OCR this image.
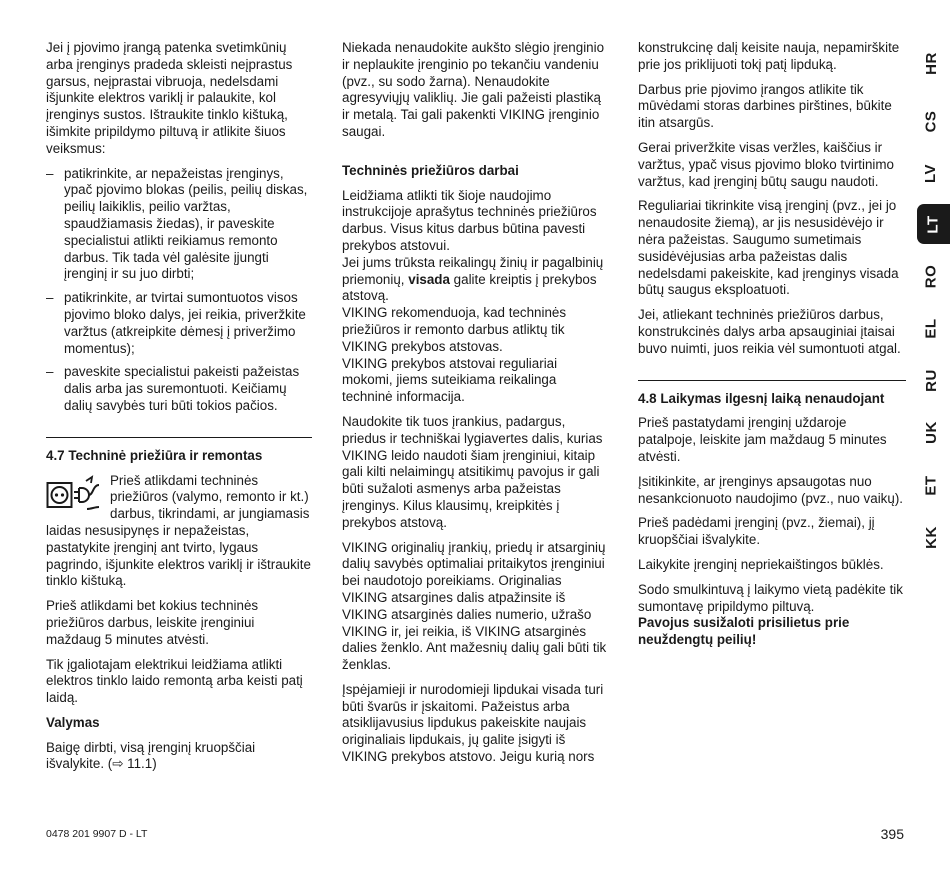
Jei į pjovimo įrangą patenka svetimkūnių arba įrenginys pradeda skleisti neįprastus garsus, neįprastai vibruoja, nedelsdami išjunkite elektros variklį ir palaukite, kol įrenginys sustos. Ištraukite tinklo kištuką, išimkite pripildymo piltuvą ir atlikite šiuos veiksmus:

– patikrinkite, ar nepažeistas įrenginys, ypač pjovimo blokas (peilis, peilių diskas, peilių laikiklis, peilio varžtas, spaudžiamasis žiedas), ir paveskite specialistui atlikti reikiamus remonto darbus. Tik tada vėl galėsite įjungti įrenginį ir su juo dirbti;
– patikrinkite, ar tvirtai sumontuotos visos pjovimo bloko dalys, jei reikia, priveržkite varžtus (atkreipkite dėmesį į priveržimo momentus);
– paveskite specialistui pakeisti pažeistas dalis arba jas suremontuoti. Keičiamų dalių savybės turi būti tokios pačios.

4.7 Techninė priežiūra ir remontas

Prieš atlikdami techninės priežiūros (valymo, remonto ir kt.) darbus, tikrindami, ar jungiamasis laidas nesusipynęs ir nepažeistas, pastatykite įrenginį ant tvirto, lygaus pagrindo, išjunkite elektros variklį ir ištraukite tinklo kištuką.

Prieš atlikdami bet kokius techninės priežiūros darbus, leiskite įrenginiui maždaug 5 minutes atvėsti.

Tik įgaliotajam elektrikui leidžiama atlikti elektros tinklo laido remontą arba keisti patį laidą.

Valymas

Baigę dirbti, visą įrenginį kruopščiai išvalykite. (⇨ 11.1)

Niekada nenaudokite aukšto slėgio įrenginio ir neplaukite įrenginio po tekančiu vandeniu (pvz., su sodo žarna). Nenaudokite agresyviųjų valiklių. Jie gali pažeisti plastiką ir metalą. Tai gali pakenkti VIKING įrenginio saugai.

Techninės priežiūros darbai

Leidžiama atlikti tik šioje naudojimo instrukcijoje aprašytus techninės priežiūros darbus. Visus kitus darbus būtina pavesti prekybos atstovui.
Jei jums trūksta reikalingų žinių ir pagalbinių priemonių, visada galite kreiptis į prekybos atstovą.
VIKING rekomenduoja, kad techninės priežiūros ir remonto darbus atliktų tik VIKING prekybos atstovas.
VIKING prekybos atstovai reguliariai mokomi, jiems suteikiama reikalinga techninė informacija.

Naudokite tik tuos įrankius, padargus, priedus ir techniškai lygiavertes dalis, kurias VIKING leido naudoti šiam įrenginiui, kitaip gali kilti nelaimingų atsitikimų pavojus ir gali būti sužaloti asmenys arba pažeistas įrenginys. Kilus klausimų, kreipkitės į prekybos atstovą.

VIKING originalių įrankių, priedų ir atsarginių dalių savybės optimaliai pritaikytos įrenginiui bei naudotojo poreikiams. Originalias VIKING atsargines dalis atpažinsite iš VIKING atsarginės dalies numerio, užrašo VIKING ir, jei reikia, iš VIKING atsarginės dalies ženklo. Ant mažesnių dalių gali būti tik ženklas.

Įspėjamieji ir nurodomieji lipdukai visada turi būti švarūs ir įskaitomi. Pažeistus arba atsiklijavusius lipdukus pakeiskite naujais originaliais lipdukais, jų galite įsigyti iš VIKING prekybos atstovo. Jeigu kurią nors

konstrukcinę dalį keisite nauja, nepamirškite prie jos priklijuoti tokį patį lipduką.

Darbus prie pjovimo įrangos atlikite tik mūvėdami storas darbines pirštines, būkite itin atsargūs.

Gerai priveržkite visas veržles, kaiščius ir varžtus, ypač visus pjovimo bloko tvirtinimo varžtus, kad įrenginį būtų saugu naudoti.

Reguliariai tikrinkite visą įrenginį (pvz., jei jo nenaudosite žiemą), ar jis nesusidėvėjo ir nėra pažeistas. Saugumo sumetimais susidėvėjusias arba pažeistas dalis nedelsdami pakeiskite, kad įrenginys visada būtų saugus eksploatuoti.

Jei, atliekant techninės priežiūros darbus, konstrukcinės dalys arba apsauginiai įtaisai buvo nuimti, juos reikia vėl sumontuoti atgal.

4.8 Laikymas ilgesnį laiką nenaudojant

Prieš pastatydami įrenginį uždaroje patalpoje, leiskite jam maždaug 5 minutes atvėsti.

Įsitikinkite, ar įrenginys apsaugotas nuo nesankcionuoto naudojimo (pvz., nuo vaikų).

Prieš padėdami įrenginį (pvz., žiemai), jį kruopščiai išvalykite.

Laikykite įrenginį nepriekaištingos būklės.

Sodo smulkintuvą į laikymo vietą padėkite tik sumontavę pripildymo piltuvą.
Pavojus susižaloti prisilietus prie neuždengtų peilių!

HR
CS
LV
LT
RO
EL
RU
UK
ET
KK
0478 201 9907 D - LT	395
